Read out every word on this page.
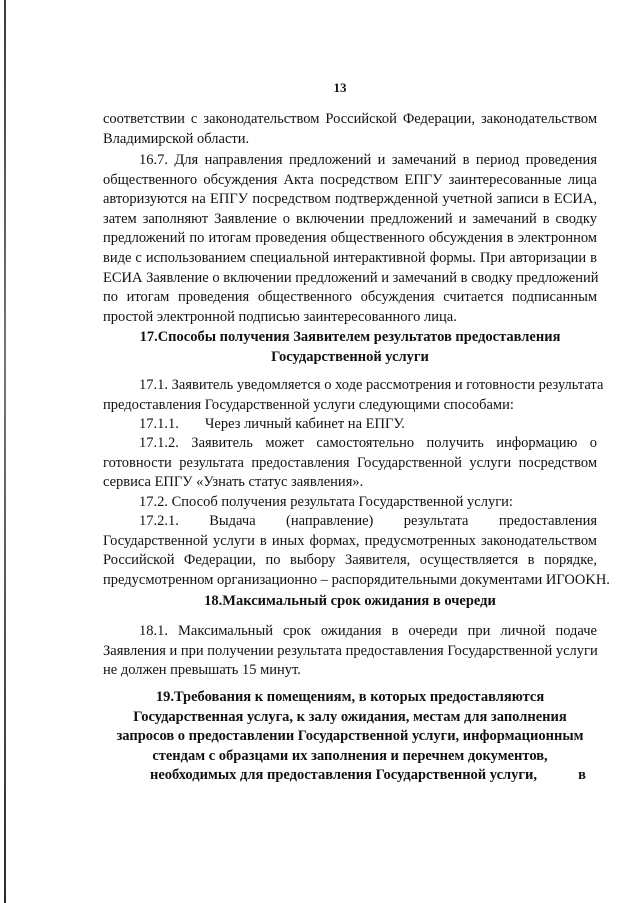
13
соответствии с законодательством Российской Федерации, законодательством
Владимирской области.
16.7. Для направления предложений и замечаний в период проведения
общественного обсуждения Акта посредством ЕПГУ заинтересованные лица
авторизуются на ЕПГУ посредством подтвержденной учетной записи в ЕСИА,
затем заполняют Заявление о включении предложений и замечаний в сводку
предложений по итогам проведения общественного обсуждения в электронном
виде с использованием специальной интерактивной формы. При авторизации в
ЕСИА Заявление о включении предложений и замечаний в сводку предложений
по итогам проведения общественного обсуждения считается подписанным
простой электронной подписью заинтересованного лица.
17.Способы получения Заявителем результатов предоставления
Государственной услуги
17.1. Заявитель уведомляется о ходе рассмотрения и готовности результата
предоставления Государственной услуги следующими способами:
17.1.1. Через личный кабинет на ЕПГУ.
17.1.2. Заявитель может самостоятельно получить информацию о
готовности результата предоставления Государственной услуги посредством
сервиса ЕПГУ «Узнать статус заявления».
17.2. Способ получения результата Государственной услуги:
17.2.1. Выдача (направление) результата предоставления
Государственной услуги в иных формах, предусмотренных законодательством
Российской Федерации, по выбору Заявителя, осуществляется в порядке,
предусмотренном организационно – распорядительными документами ИГОOKH.
18.Максимальный срок ожидания в очереди
18.1. Максимальный срок ожидания в очереди при личной подаче
Заявления и при получении результата предоставления Государственной услуги
не должен превышать 15 минут.
19.Требования к помещениям, в которых предоставляются
Государственная услуга, к залу ожидания, местам для заполнения
запросов о предоставлении Государственной услуги, информационным
стендам с образцами их заполнения и перечнем документов,
необходимых для предоставления Государственной услуги,	в
